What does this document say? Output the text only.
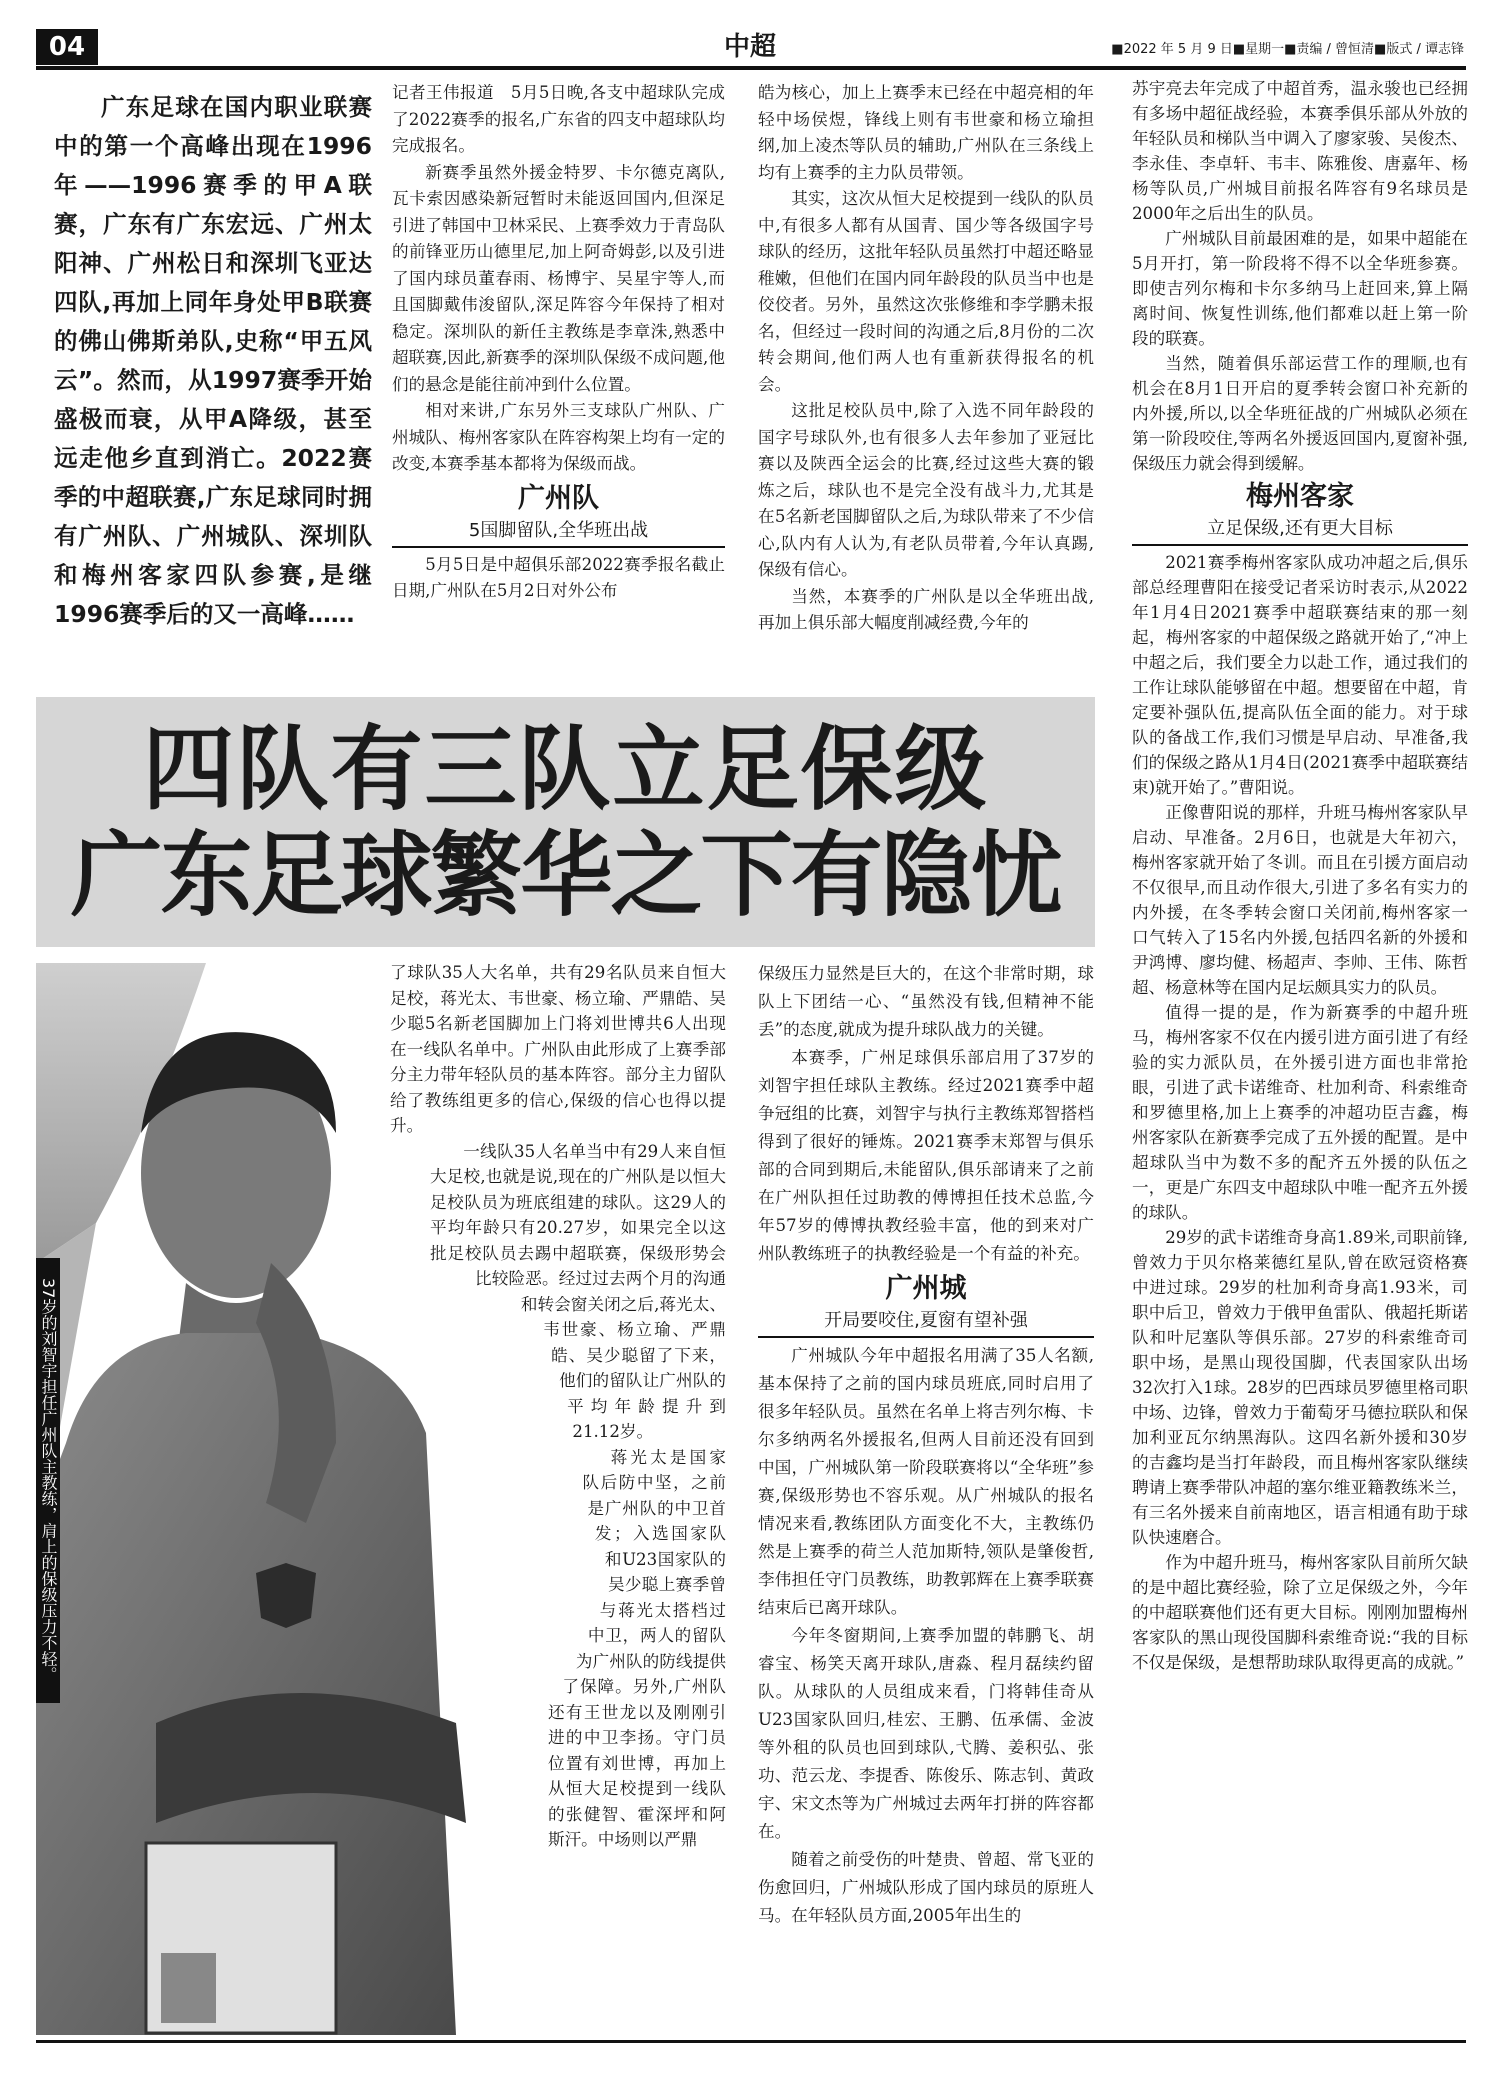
04	中超	■2022 年 5 月 9 日■星期一■责编 / 曾恒清■版式 / 谭志锋

广东足球在国内职业联赛中的第一个高峰出现在1996年——1996赛季的甲A联赛，广东有广东宏远、广州太阳神、广州松日和深圳飞亚达四队,再加上同年身处甲B联赛的佛山佛斯弟队,史称“甲五风云”。然而，从1997赛季开始盛极而衰，从甲A降级，甚至远走他乡直到消亡。2022赛季的中超联赛,广东足球同时拥有广州队、广州城队、深圳队和梅州客家四队参赛,是继1996赛季后的又一高峰……

记者王伟报道　5月5日晚,各支中超球队完成了2022赛季的报名,广东省的四支中超球队均完成报名。

新赛季虽然外援金特罗、卡尔德克离队,瓦卡索因感染新冠暂时未能返回国内,但深足引进了韩国中卫林采民、上赛季效力于青岛队的前锋亚历山德里尼,加上阿奇姆彭,以及引进了国内球员董春雨、杨博宇、吴星宇等人,而且国脚戴伟浚留队,深足阵容今年保持了相对稳定。深圳队的新任主教练是李章洙,熟悉中超联赛,因此,新赛季的深圳队保级不成问题,他们的悬念是能往前冲到什么位置。

相对来讲,广东另外三支球队广州队、广州城队、梅州客家队在阵容构架上均有一定的改变,本赛季基本都将为保级而战。

广州队
5国脚留队,全华班出战

5月5日是中超俱乐部2022赛季报名截止日期,广州队在5月2日对外公布

皓为核心，加上上赛季末已经在中超亮相的年轻中场侯煜，锋线上则有韦世豪和杨立瑜担纲,加上凌杰等队员的辅助,广州队在三条线上均有上赛季的主力队员带领。

其实，这次从恒大足校提到一线队的队员中,有很多人都有从国青、国少等各级国字号球队的经历，这批年轻队员虽然打中超还略显稚嫩，但他们在国内同年龄段的队员当中也是佼佼者。另外，虽然这次张修维和李学鹏未报名，但经过一段时间的沟通之后,8月份的二次转会期间,他们两人也有重新获得报名的机会。

这批足校队员中,除了入选不同年龄段的国字号球队外,也有很多人去年参加了亚冠比赛以及陕西全运会的比赛,经过这些大赛的锻炼之后，球队也不是完全没有战斗力,尤其是在5名新老国脚留队之后,为球队带来了不少信心,队内有人认为,有老队员带着,今年认真踢,保级有信心。

当然，本赛季的广州队是以全华班出战,再加上俱乐部大幅度削减经费,今年的

苏宇亮去年完成了中超首秀，温永骏也已经拥有多场中超征战经验，本赛季俱乐部从外放的年轻队员和梯队当中调入了廖家骏、吴俊杰、李永佳、李卓轩、韦丰、陈雅俊、唐嘉年、杨杨等队员,广州城目前报名阵容有9名球员是2000年之后出生的队员。

广州城队目前最困难的是，如果中超能在5月开打，第一阶段将不得不以全华班参赛。即使吉列尔梅和卡尔多纳马上赶回来,算上隔离时间、恢复性训练,他们都难以赶上第一阶段的联赛。

当然，随着俱乐部运营工作的理顺,也有机会在8月1日开启的夏季转会窗口补充新的内外援,所以,以全华班征战的广州城队必须在第一阶段咬住,等两名外援返回国内,夏窗补强,保级压力就会得到缓解。

梅州客家
立足保级,还有更大目标

2021赛季梅州客家队成功冲超之后,俱乐部总经理曹阳在接受记者采访时表示,从2022年1月4日2021赛季中超联赛结束的那一刻起，梅州客家的中超保级之路就开始了,“冲上中超之后，我们要全力以赴工作，通过我们的工作让球队能够留在中超。想要留在中超，肯定要补强队伍,提高队伍全面的能力。对于球队的备战工作,我们习惯是早启动、早准备,我们的保级之路从1月4日(2021赛季中超联赛结束)就开始了。”曹阳说。

正像曹阳说的那样，升班马梅州客家队早启动、早准备。2月6日，也就是大年初六，梅州客家就开始了冬训。而且在引援方面启动不仅很早,而且动作很大,引进了多名有实力的内外援，在冬季转会窗口关闭前,梅州客家一口气转入了15名内外援,包括四名新的外援和尹鸿博、廖均健、杨超声、李帅、王伟、陈哲超、杨意林等在国内足坛颇具实力的队员。

值得一提的是，作为新赛季的中超升班马，梅州客家不仅在内援引进方面引进了有经验的实力派队员，在外援引进方面也非常抢眼，引进了武卡诺维奇、杜加利奇、科索维奇和罗德里格,加上上赛季的冲超功臣吉鑫，梅州客家队在新赛季完成了五外援的配置。是中超球队当中为数不多的配齐五外援的队伍之一，更是广东四支中超球队中唯一配齐五外援的球队。

29岁的武卡诺维奇身高1.89米,司职前锋,曾效力于贝尔格莱德红星队,曾在欧冠资格赛中进过球。29岁的杜加利奇身高1.93米，司职中后卫，曾效力于俄甲鱼雷队、俄超托斯诺队和叶尼塞队等俱乐部。27岁的科索维奇司职中场，是黑山现役国脚，代表国家队出场32次打入1球。28岁的巴西球员罗德里格司职中场、边锋，曾效力于葡萄牙马德拉联队和保加利亚瓦尔纳黑海队。这四名新外援和30岁的吉鑫均是当打年龄段，而且梅州客家队继续聘请上赛季带队冲超的塞尔维亚籍教练米兰，有三名外援来自前南地区，语言相通有助于球队快速磨合。

作为中超升班马，梅州客家队目前所欠缺的是中超比赛经验，除了立足保级之外，今年的中超联赛他们还有更大目标。刚刚加盟梅州客家队的黑山现役国脚科索维奇说:“我的目标不仅是保级，是想帮助球队取得更高的成就。”

四队有三队立足保级
广东足球繁华之下有隐忧
37岁的刘智宇担任广州队主教练，肩上的保级压力不轻。

了球队35人大名单，共有29名队员来自恒大足校，蒋光太、韦世豪、杨立瑜、严鼎皓、吴少聪5名新老国脚加上门将刘世博共6人出现在一线队名单中。广州队由此形成了上赛季部分主力带年轻队员的基本阵容。部分主力留队给了教练组更多的信心,保级的信心也得以提升。

一线队35人名单当中有29人来自恒大足校,也就是说,现在的广州队是以恒大足校队员为班底组建的球队。这29人的平均年龄只有20.27岁，如果完全以这批足校队员去踢中超联赛，保级形势会比较险恶。经过过去两个月的沟通和转会窗关闭之后,蒋光太、韦世豪、杨立瑜、严鼎皓、吴少聪留了下来，他们的留队让广州队的平均年龄提升到21.12岁。

蒋光太是国家队后防中坚，之前是广州队的中卫首发；入选国家队和U23国家队的吴少聪上赛季曾与蒋光太搭档过中卫，两人的留队为广州队的防线提供了保障。另外,广州队还有王世龙以及刚刚引进的中卫李扬。守门员位置有刘世博，再加上从恒大足校提到一线队的张健智、霍深坪和阿斯汗。中场则以严鼎

保级压力显然是巨大的，在这个非常时期，球队上下团结一心、“虽然没有钱,但精神不能丢”的态度,就成为提升球队战力的关键。

本赛季，广州足球俱乐部启用了37岁的刘智宇担任球队主教练。经过2021赛季中超争冠组的比赛，刘智宇与执行主教练郑智搭档得到了很好的锤炼。2021赛季末郑智与俱乐部的合同到期后,未能留队,俱乐部请来了之前在广州队担任过助教的傅博担任技术总监,今年57岁的傅博执教经验丰富，他的到来对广州队教练班子的执教经验是一个有益的补充。

广州城
开局要咬住,夏窗有望补强

广州城队今年中超报名用满了35人名额,基本保持了之前的国内球员班底,同时启用了很多年轻队员。虽然在名单上将吉列尔梅、卡尔多纳两名外援报名,但两人目前还没有回到中国，广州城队第一阶段联赛将以“全华班”参赛,保级形势也不容乐观。从广州城队的报名情况来看,教练团队方面变化不大，主教练仍然是上赛季的荷兰人范加斯特,领队是肇俊哲,李伟担任守门员教练，助教郭辉在上赛季联赛结束后已离开球队。

今年冬窗期间,上赛季加盟的韩鹏飞、胡睿宝、杨笑天离开球队,唐淼、程月磊续约留队。从球队的人员组成来看，门将韩佳奇从U23国家队回归,桂宏、王鹏、伍承儒、金波等外租的队员也回到球队,弋腾、姜积弘、张功、范云龙、李提香、陈俊乐、陈志钊、黄政宇、宋文杰等为广州城过去两年打拼的阵容都在。

随着之前受伤的叶楚贵、曾超、常飞亚的伤愈回归，广州城队形成了国内球员的原班人马。在年轻队员方面,2005年出生的
